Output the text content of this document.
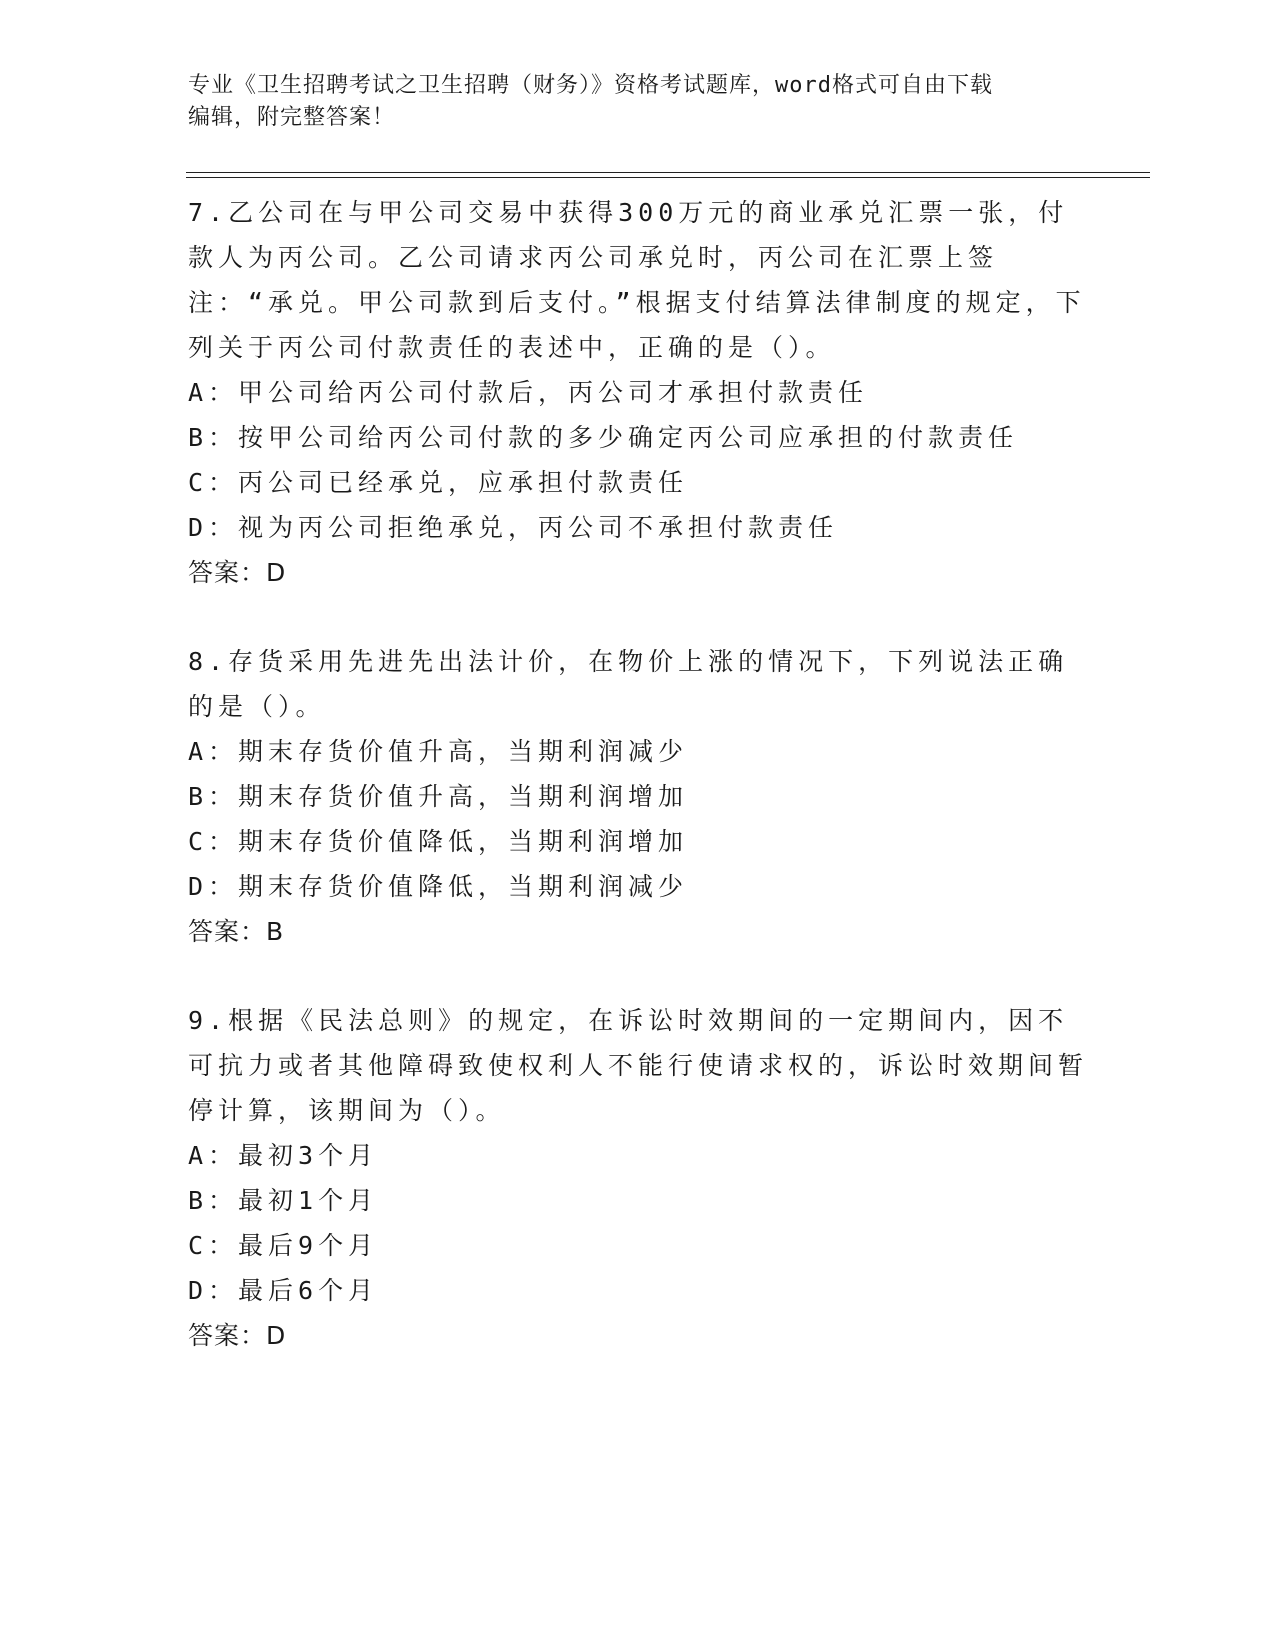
专业《卫生招聘考试之卫生招聘（财务）》资格考试题库，word格式可自由下载
编辑，附完整答案！

7.乙公司在与甲公司交易中获得300万元的商业承兑汇票一张，付款人为丙公司。乙公司请求丙公司承兑时，丙公司在汇票上签注：“承兑。甲公司款到后支付。”根据支付结算法律制度的规定，下列关于丙公司付款责任的表述中，正确的是（）。

A：甲公司给丙公司付款后，丙公司才承担付款责任
B：按甲公司给丙公司付款的多少确定丙公司应承担的付款责任
C：丙公司已经承兑，应承担付款责任
D：视为丙公司拒绝承兑，丙公司不承担付款责任
答案：D

8.存货采用先进先出法计价，在物价上涨的情况下，下列说法正确的是（）。

A：期末存货价值升高，当期利润减少
B：期末存货价值升高，当期利润增加
C：期末存货价值降低，当期利润增加
D：期末存货价值降低，当期利润减少
答案：B

9.根据《民法总则》的规定，在诉讼时效期间的一定期间内，因不可抗力或者其他障碍致使权利人不能行使请求权的，诉讼时效期间暂停计算，该期间为（）。

A：最初3个月
B：最初1个月
C：最后9个月
D：最后6个月
答案：D
